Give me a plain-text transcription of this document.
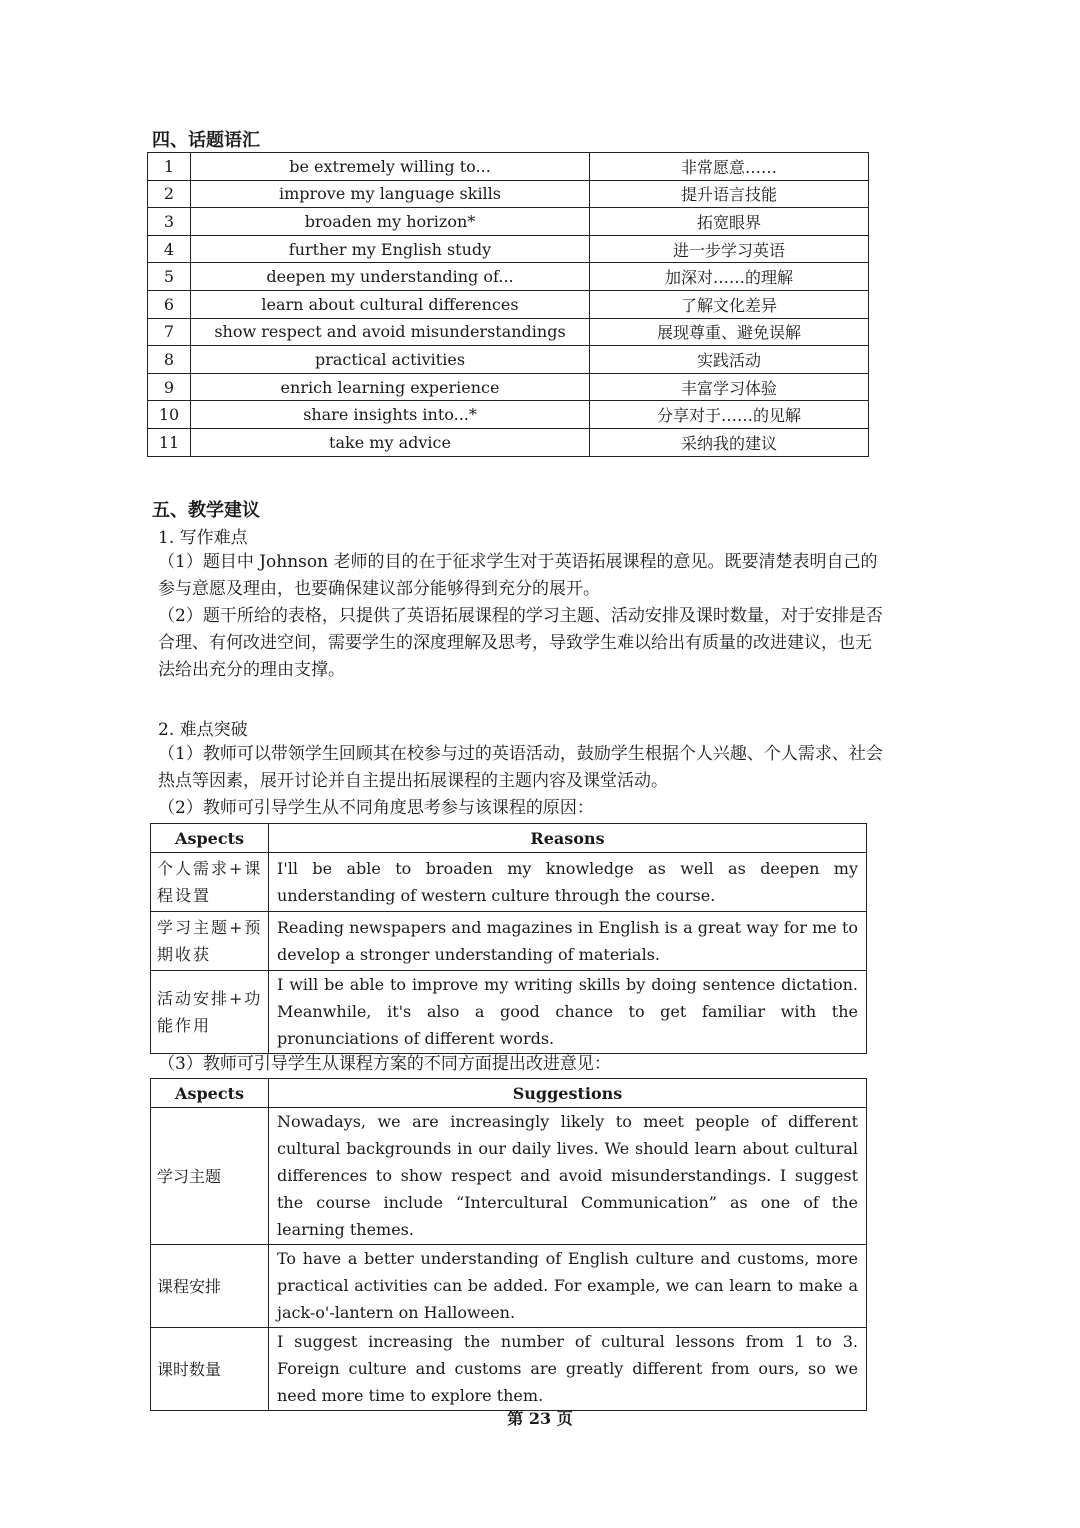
四、话题语汇
1	be extremely willing to...	非常愿意……
2	improve my language skills	提升语言技能
3	broaden my horizon*	拓宽眼界
4	further my English study	进一步学习英语
5	deepen my understanding of...	加深对……的理解
6	learn about cultural differences	了解文化差异
7	show respect and avoid misunderstandings	展现尊重、避免误解
8	practical activities	实践活动
9	enrich learning experience	丰富学习体验
10	share insights into...*	分享对于……的见解
11	take my advice	采纳我的建议
五、教学建议
1. 写作难点
（1）题目中 Johnson 老师的目的在于征求学生对于英语拓展课程的意见。既要清楚表明自己的参与意愿及理由，也要确保建议部分能够得到充分的展开。
（2）题干所给的表格，只提供了英语拓展课程的学习主题、活动安排及课时数量，对于安排是否合理、有何改进空间，需要学生的深度理解及思考，导致学生难以给出有质量的改进建议，也无法给出充分的理由支撑。
2. 难点突破
（1）教师可以带领学生回顾其在校参与过的英语活动，鼓励学生根据个人兴趣、个人需求、社会热点等因素，展开讨论并自主提出拓展课程的主题内容及课堂活动。
（2）教师可引导学生从不同角度思考参与该课程的原因：
Aspects	Reasons
个人需求+课程设置	I'll be able to broaden my knowledge as well as deepen my understanding of western culture through the course.
学习主题+预期收获	Reading newspapers and magazines in English is a great way for me to develop a stronger understanding of materials.
活动安排+功能作用	I will be able to improve my writing skills by doing sentence dictation. Meanwhile, it's also a good chance to get familiar with the pronunciations of different words.
（3）教师可引导学生从课程方案的不同方面提出改进意见：
Aspects	Suggestions
学习主题	Nowadays, we are increasingly likely to meet people of different cultural backgrounds in our daily lives. We should learn about cultural differences to show respect and avoid misunderstandings. I suggest the course include “Intercultural Communication” as one of the learning themes.
课程安排	To have a better understanding of English culture and customs, more practical activities can be added. For example, we can learn to make a jack-o'-lantern on Halloween.
课时数量	I suggest increasing the number of cultural lessons from 1 to 3. Foreign culture and customs are greatly different from ours, so we need more time to explore them.
第 23 页
